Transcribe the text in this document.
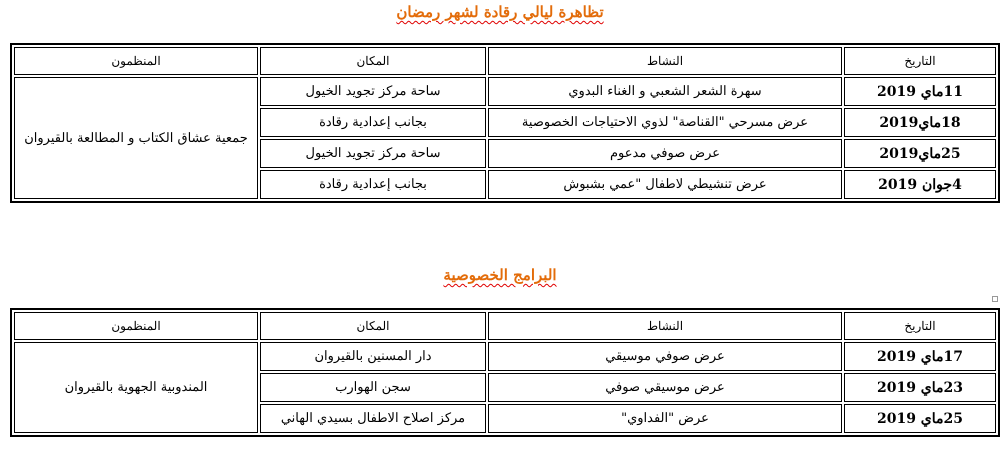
تظاهرة ليالي رقادة لشهر رمضان
التاريخ	النشاط	المكان	المنظمون
11ماي 2019	سهرة الشعر الشعبي و الغناء البدوي	ساحة مركز تجويد الخيول	جمعية عشاق الكتاب و المطالعة بالقيروان
18ماي2019	عرض مسرحي "القناصة" لذوي الاحتياجات الخصوصية	بجانب إعدادية رقادة	
25ماي2019	عرض صوفي مدعوم	ساحة مركز تجويد الخيول	
4جوان 2019	عرض تنشيطي لاطفال "عمي بشبوش	بجانب إعدادية رقادة	
البرامج الخصوصية
التاريخ	النشاط	المكان	المنظمون
17ماي 2019	عرض صوفي موسيقي	دار المسنين بالقيروان	المندوبية الجهوية بالقيروان
23ماي 2019	عرض موسيقي صوفي	سجن الهوارب	
25ماي 2019	عرض "الفداوي"	مركز اصلاح الاطفال بسيدي الهاني	
